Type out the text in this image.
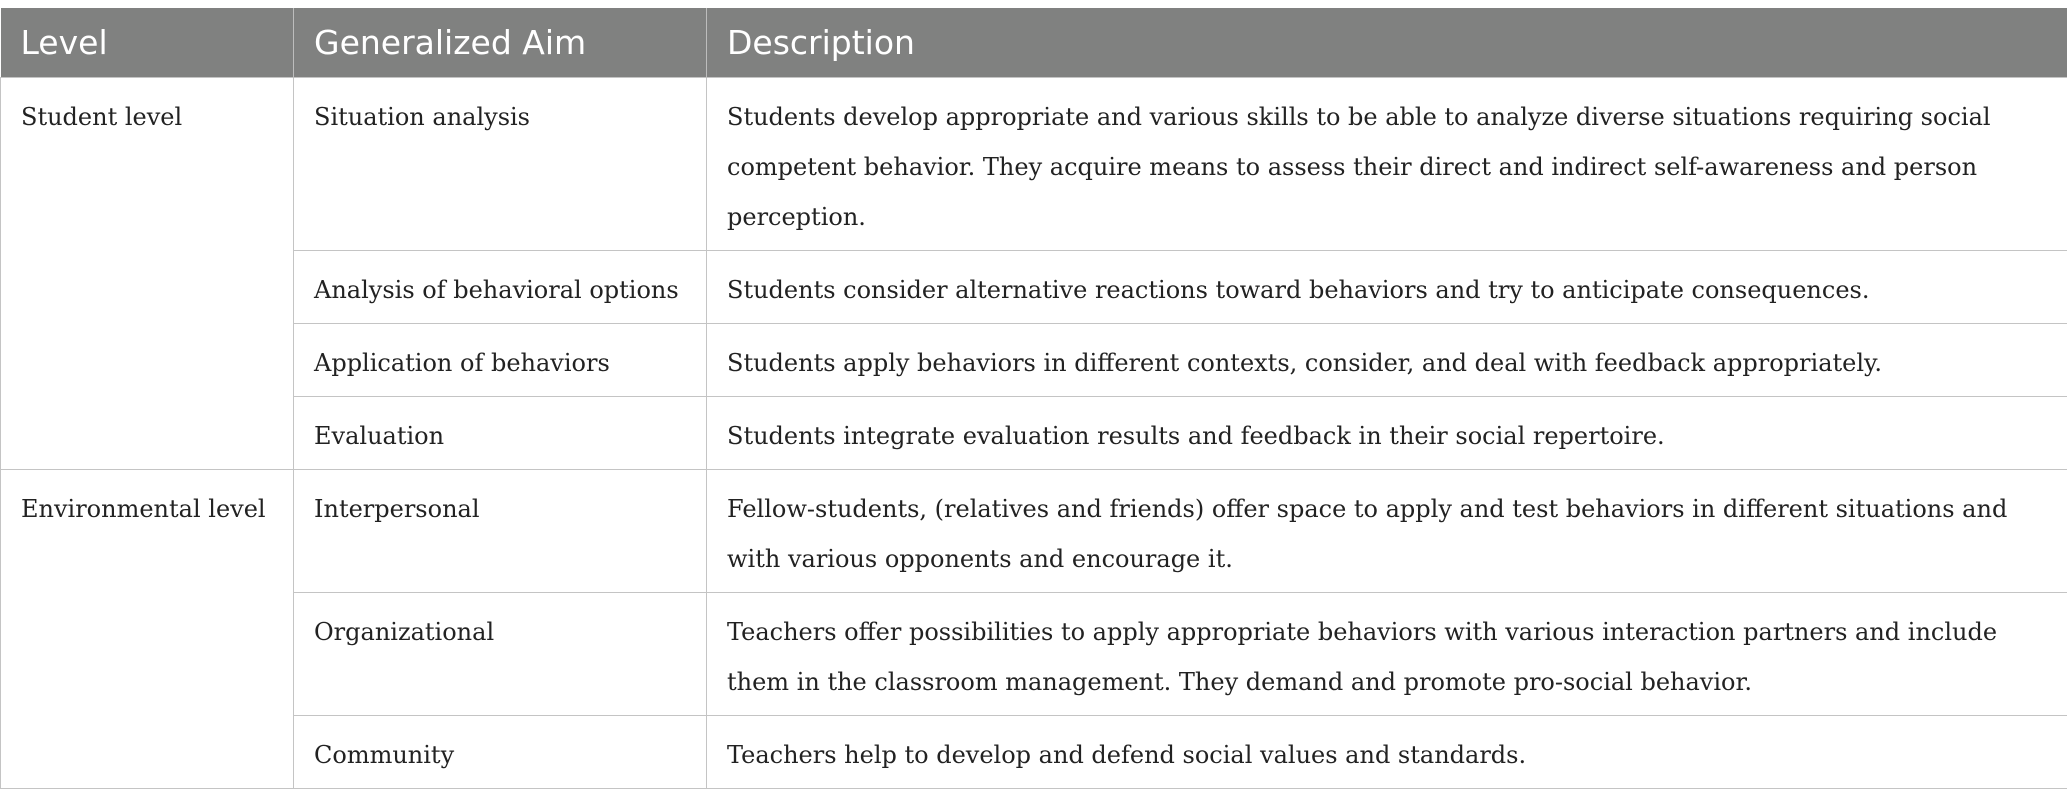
Level	Generalized Aim	Description
Student level	Situation analysis	Students develop appropriate and various skills to be able to analyze diverse situations requiring social competent behavior. They acquire means to assess their direct and indirect self-awareness and person perception.
	Analysis of behavioral options	Students consider alternative reactions toward behaviors and try to anticipate consequences.
	Application of behaviors	Students apply behaviors in different contexts, consider, and deal with feedback appropriately.
	Evaluation	Students integrate evaluation results and feedback in their social repertoire.
Environmental level	Interpersonal	Fellow-students, (relatives and friends) offer space to apply and test behaviors in different situations and with various opponents and encourage it.
	Organizational	Teachers offer possibilities to apply appropriate behaviors with various interaction partners and include them in the classroom management. They demand and promote pro-social behavior.
	Community	Teachers help to develop and defend social values and standards.
